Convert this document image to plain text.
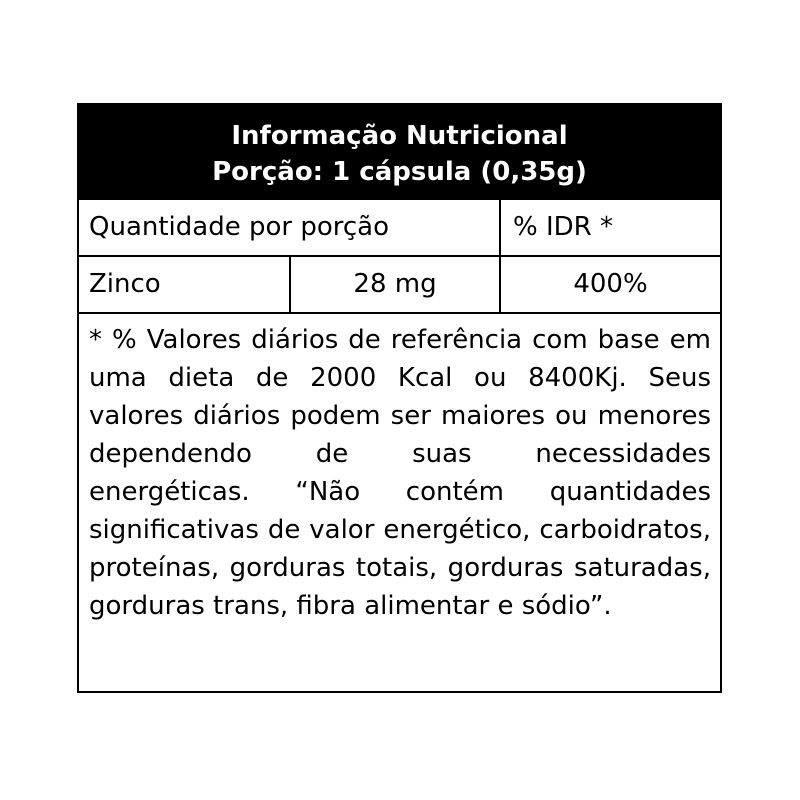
Informação Nutricional
Porção: 1 cápsula (0,35g)
Quantidade por porção	% IDR *
Zinco	28 mg	400%
* % Valores diários de referência com base em uma dieta de 2000 Kcal ou 8400Kj. Seus valores diários podem ser maiores ou menores dependendo de suas necessidades energéticas. “Não contém quantidades significativas de valor energético, carboidratos, proteínas, gorduras totais, gorduras saturadas, gorduras trans, fibra alimentar e sódio”.
